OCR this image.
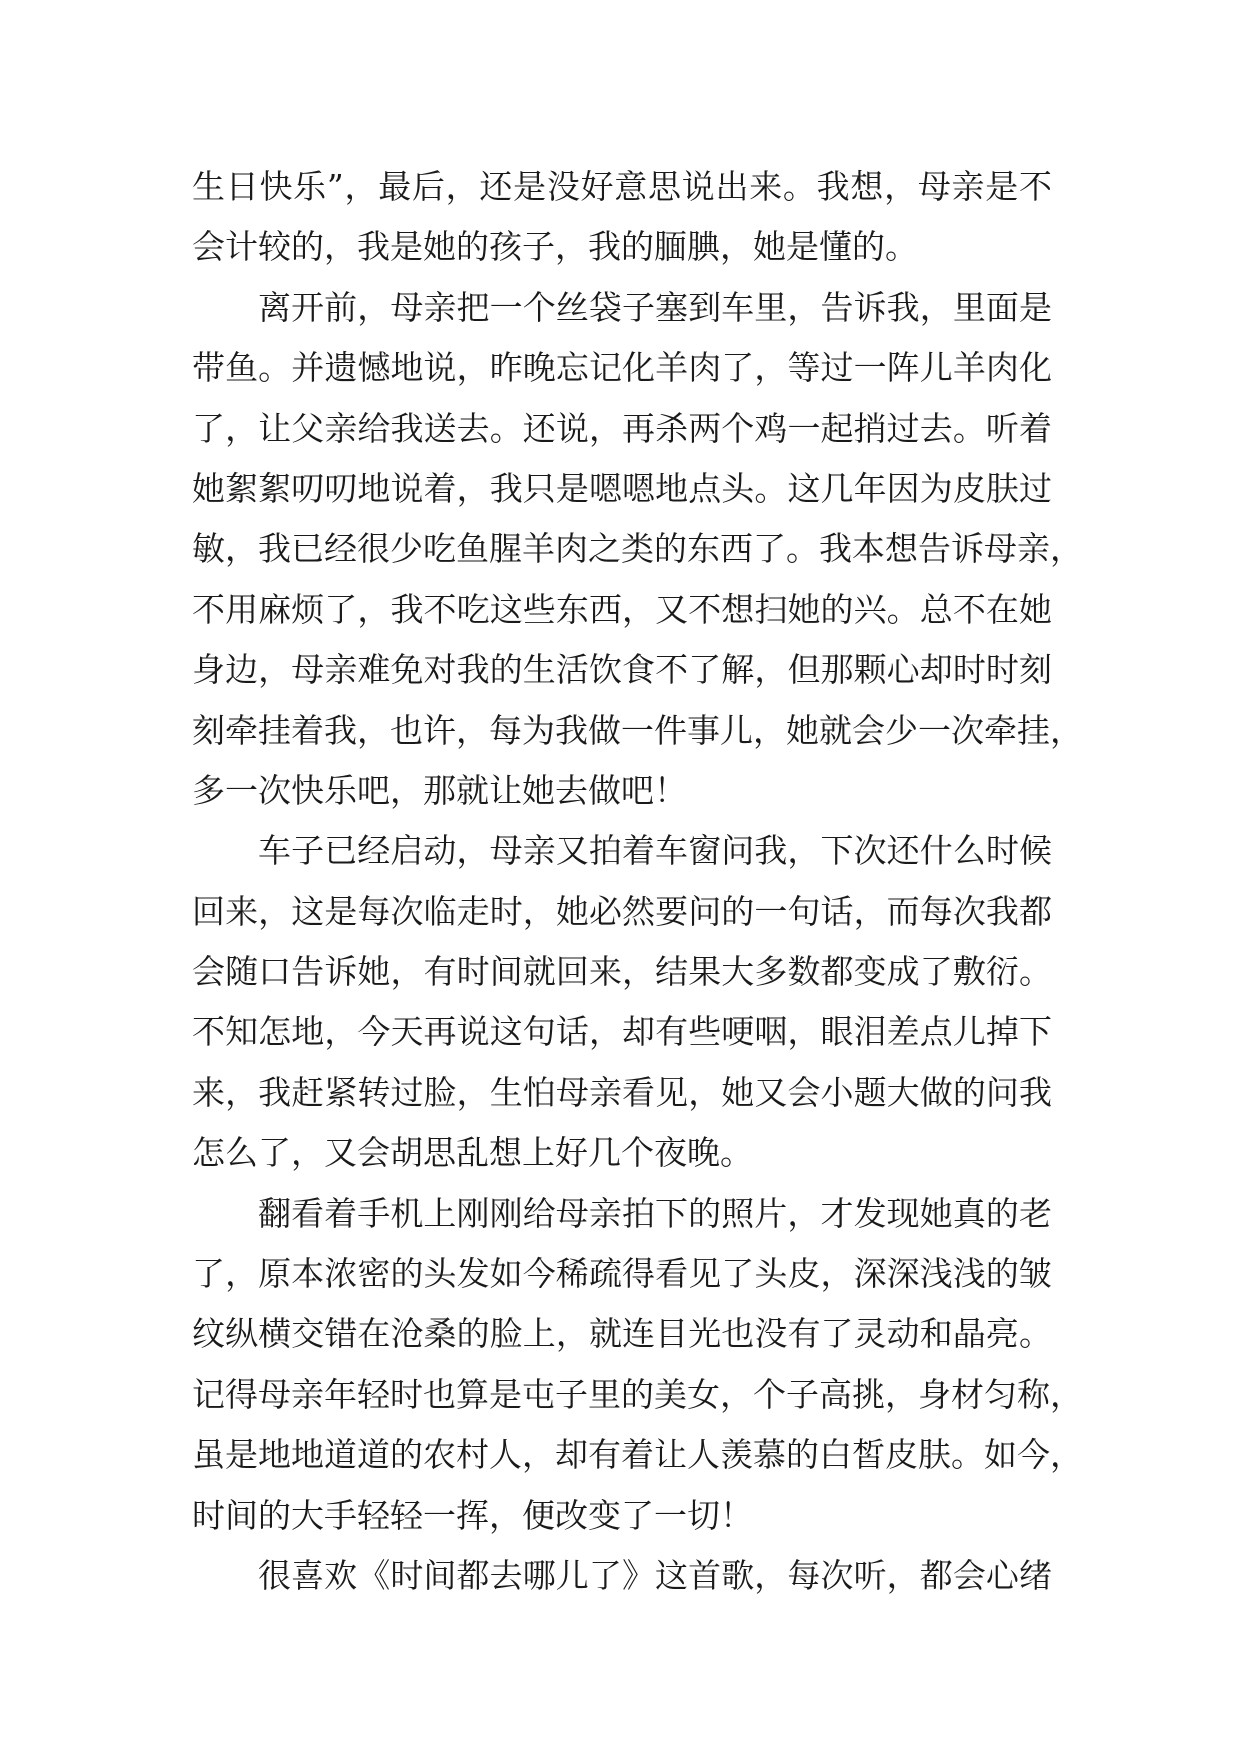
生日快乐”，最后，还是没好意思说出来。我想，母亲是不
会计较的，我是她的孩子，我的腼腆，她是懂的。
离开前，母亲把一个丝袋子塞到车里，告诉我，里面是
带鱼。并遗憾地说，昨晚忘记化羊肉了，等过一阵儿羊肉化
了，让父亲给我送去。还说，再杀两个鸡一起捎过去。听着
她絮絮叨叨地说着，我只是嗯嗯地点头。这几年因为皮肤过
敏，我已经很少吃鱼腥羊肉之类的东西了。我本想告诉母亲，
不用麻烦了，我不吃这些东西，又不想扫她的兴。总不在她
身边，母亲难免对我的生活饮食不了解，但那颗心却时时刻
刻牵挂着我，也许，每为我做一件事儿，她就会少一次牵挂，
多一次快乐吧，那就让她去做吧！
车子已经启动，母亲又拍着车窗问我，下次还什么时候
回来，这是每次临走时，她必然要问的一句话，而每次我都
会随口告诉她，有时间就回来，结果大多数都变成了敷衍。
不知怎地，今天再说这句话，却有些哽咽，眼泪差点儿掉下
来，我赶紧转过脸，生怕母亲看见，她又会小题大做的问我
怎么了，又会胡思乱想上好几个夜晚。
翻看着手机上刚刚给母亲拍下的照片，才发现她真的老
了，原本浓密的头发如今稀疏得看见了头皮，深深浅浅的皱
纹纵横交错在沧桑的脸上，就连目光也没有了灵动和晶亮。
记得母亲年轻时也算是屯子里的美女，个子高挑，身材匀称，
虽是地地道道的农村人，却有着让人羡慕的白皙皮肤。如今，
时间的大手轻轻一挥，便改变了一切！
很喜欢《时间都去哪儿了》这首歌，每次听，都会心绪
